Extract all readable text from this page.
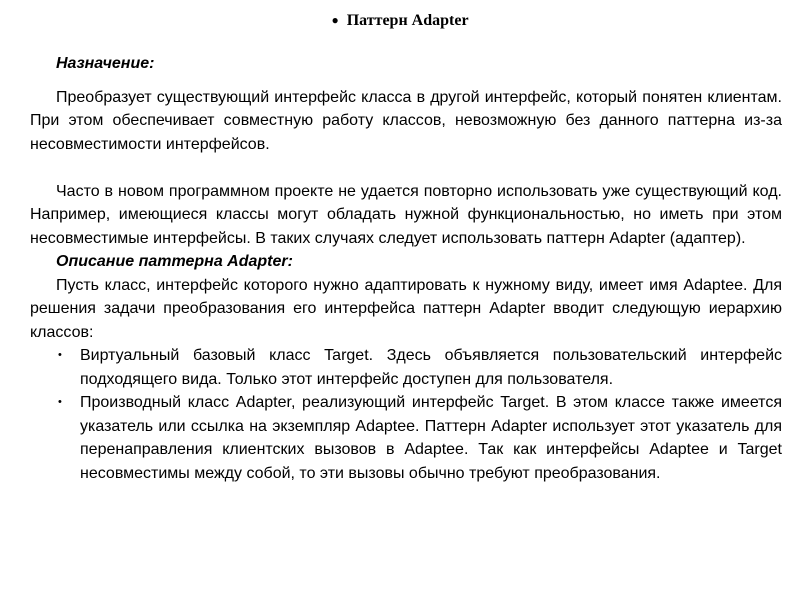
● Паттерн Adapter
Назначение:
Преобразует существующий интерфейс класса в другой интерфейс, который понятен клиентам. При этом обеспечивает совместную работу классов, невозможную без данного паттерна из-за несовместимости интерфейсов.
Часто в новом программном проекте не удается повторно использовать уже существующий код. Например, имеющиеся классы могут обладать нужной функциональностью, но иметь при этом несовместимые интерфейсы. В таких случаях следует использовать паттерн Adapter (адаптер).
Описание паттерна Adapter:
Пусть класс, интерфейс которого нужно адаптировать к нужному виду, имеет имя Adaptee. Для решения задачи преобразования его интерфейса паттерн Adapter вводит следующую иерархию классов:
• Виртуальный базовый класс Target. Здесь объявляется пользовательский интерфейс подходящего вида. Только этот интерфейс доступен для пользователя.
• Производный класс Adapter, реализующий интерфейс Target. В этом классе также имеется указатель или ссылка на экземпляр Adaptee. Паттерн Adapter использует этот указатель для перенаправления клиентских вызовов в Adaptee. Так как интерфейсы Adaptee и Target несовместимы между собой, то эти вызовы обычно требуют преобразования.
